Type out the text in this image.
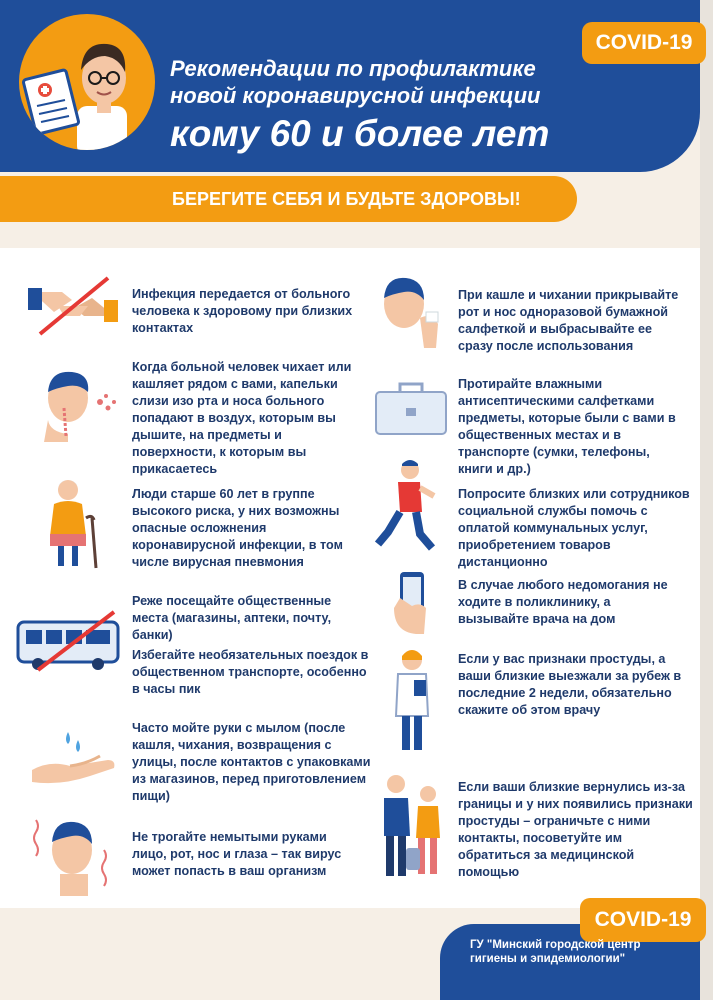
COVID-19
Рекомендации по профилактике
новой коронавирусной инфекции
кому 60 и более лет
БЕРЕГИТЕ СЕБЯ И БУДЬТЕ ЗДОРОВЫ!
Инфекция передается от больного человека к здоровому при близких контактах
Когда больной человек чихает или кашляет рядом с вами, капельки слизи изо рта и носа больного попадают в воздух, которым вы дышите, на предметы и поверхности, к которым вы прикасаетесь
Люди старше 60 лет в группе высокого риска, у них возможны опасные осложнения коронавирусной инфекции, в том числе вирусная пневмония
Реже посещайте общественные места (магазины, аптеки, почту, банки)
Избегайте необязательных поездок в общественном транспорте, особенно в часы пик
Часто мойте руки с мылом (после кашля, чихания, возвращения с улицы, после контактов с упаковками из магазинов, перед приготовлением пищи)
Не трогайте немытыми руками лицо, рот, нос и глаза – так вирус может попасть в ваш организм
При кашле и чихании прикрывайте рот и нос одноразовой бумажной салфеткой и выбрасывайте ее сразу после использования
Протирайте влажными антисептическими салфетками предметы, которые были с вами в общественных местах и в транспорте (сумки, телефоны, книги и др.)
Попросите близких или сотрудников социальной службы помочь с оплатой коммунальных услуг, приобретением товаров дистанционно
В случае любого недомогания не ходите в поликлинику, а вызывайте врача на дом
Если у вас признаки простуды, а ваши близкие выезжали за рубеж в последние 2 недели, обязательно скажите об этом врачу
Если ваши близкие вернулись из-за границы и у них появились признаки простуды – ограничьте с ними контакты, посоветуйте им обратиться за медицинской помощью
COVID-19
ГУ "Минский городской центр гигиены и эпидемиологии"
